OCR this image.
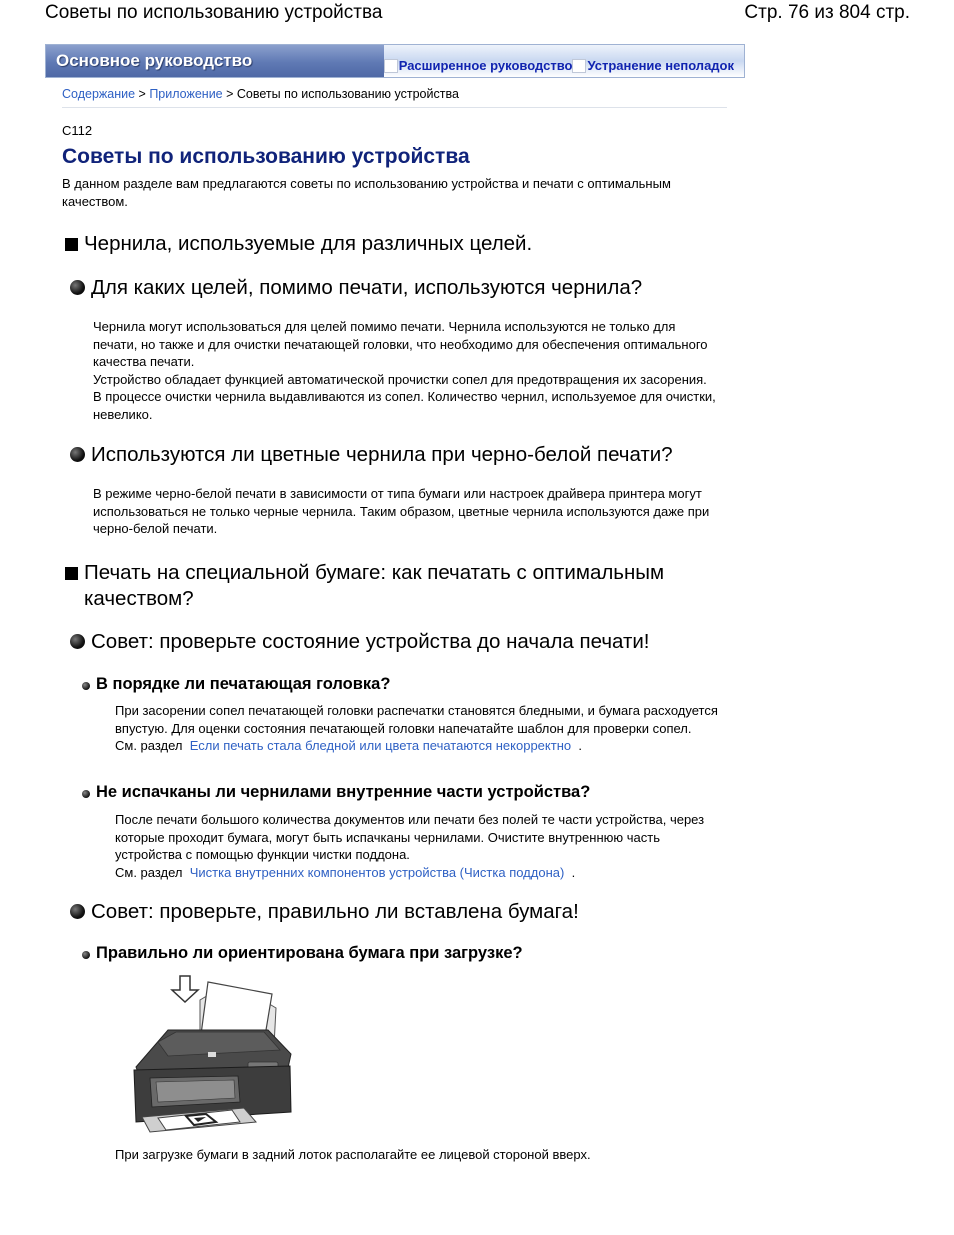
Советы по использованию устройства	Стр. 76 из 804 стр.
Основное руководство	Расширенное руководство Устранение неполадок
Содержание > Приложение > Советы по использованию устройства
C112
Советы по использованию устройства
В данном разделе вам предлагаются советы по использованию устройства и печати с оптимальным качеством.
Чернила, используемые для различных целей.
Для каких целей, помимо печати, используются чернила?
Чернила могут использоваться для целей помимо печати. Чернила используются не только для печати, но также и для очистки печатающей головки, что необходимо для обеспечения оптимального качества печати.
Устройство обладает функцией автоматической прочистки сопел для предотвращения их засорения. В процессе очистки чернила выдавливаются из сопел. Количество чернил, используемое для очистки, невелико.
Используются ли цветные чернила при черно-белой печати?
В режиме черно-белой печати в зависимости от типа бумаги или настроек драйвера принтера могут использоваться не только черные чернила. Таким образом, цветные чернила используются даже при черно-белой печати.
Печать на специальной бумаге: как печатать с оптимальным качеством?
Совет: проверьте состояние устройства до начала печати!
В порядке ли печатающая головка?
При засорении сопел печатающей головки распечатки становятся бледными, и бумага расходуется впустую. Для оценки состояния печатающей головки напечатайте шаблон для проверки сопел.
См. раздел Если печать стала бледной или цвета печатаются некорректно .
Не испачканы ли чернилами внутренние части устройства?
После печати большого количества документов или печати без полей те части устройства, через которые проходит бумага, могут быть испачканы чернилами. Очистите внутреннюю часть устройства с помощью функции чистки поддона.
См. раздел Чистка внутренних компонентов устройства (Чистка поддона) .
Совет: проверьте, правильно ли вставлена бумага!
Правильно ли ориентирована бумага при загрузке?
При загрузке бумаги в задний лоток располагайте ее лицевой стороной вверх.
